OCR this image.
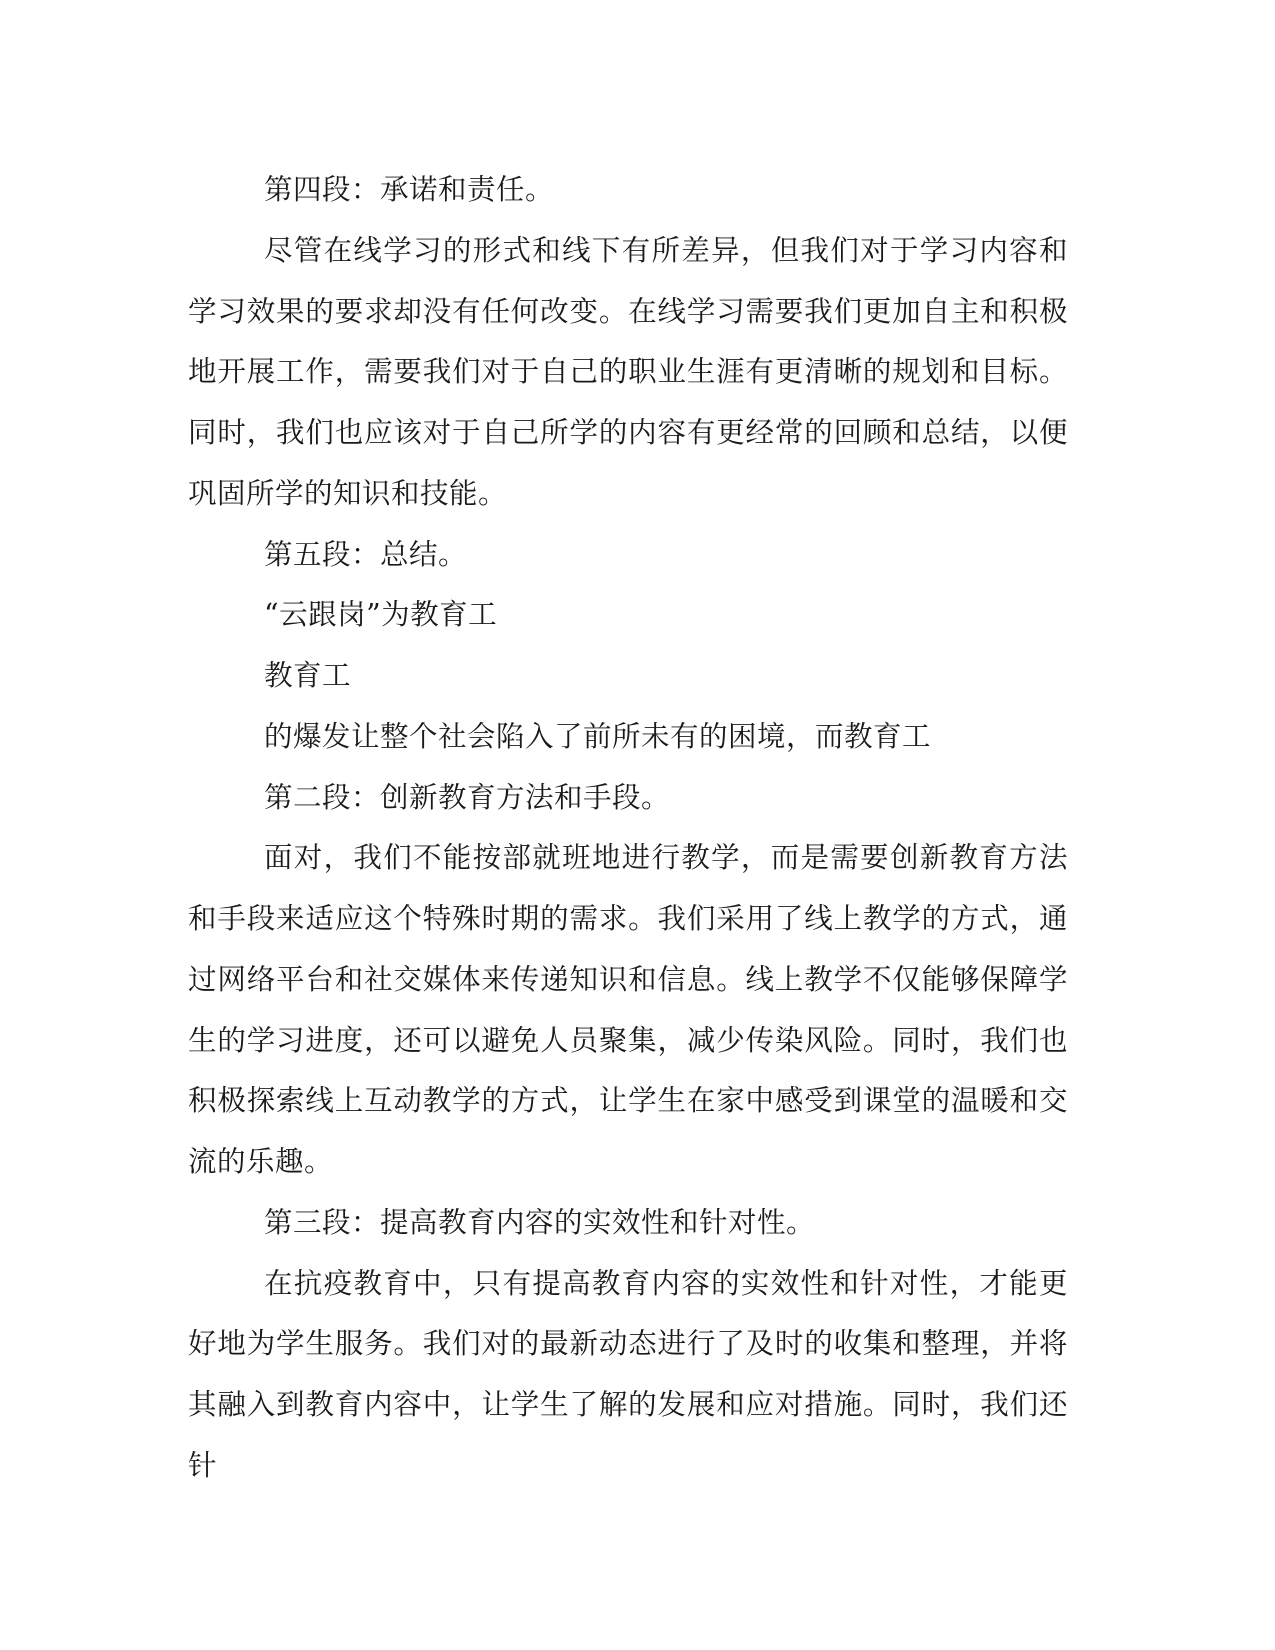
第四段：承诺和责任。

尽管在线学习的形式和线下有所差异，但我们对于学习内容和学习效果的要求却没有任何改变。在线学习需要我们更加自主和积极地开展工作，需要我们对于自己的职业生涯有更清晰的规划和目标。同时，我们也应该对于自己所学的内容有更经常的回顾和总结，以便巩固所学的知识和技能。

第五段：总结。

“云跟岗”为教育工

教育工

的爆发让整个社会陷入了前所未有的困境，而教育工

第二段：创新教育方法和手段。

面对，我们不能按部就班地进行教学，而是需要创新教育方法和手段来适应这个特殊时期的需求。我们采用了线上教学的方式，通过网络平台和社交媒体来传递知识和信息。线上教学不仅能够保障学生的学习进度，还可以避免人员聚集，减少传染风险。同时，我们也积极探索线上互动教学的方式，让学生在家中感受到课堂的温暖和交流的乐趣。

第三段：提高教育内容的实效性和针对性。

在抗疫教育中，只有提高教育内容的实效性和针对性，才能更好地为学生服务。我们对的最新动态进行了及时的收集和整理，并将其融入到教育内容中，让学生了解的发展和应对措施。同时，我们还针
